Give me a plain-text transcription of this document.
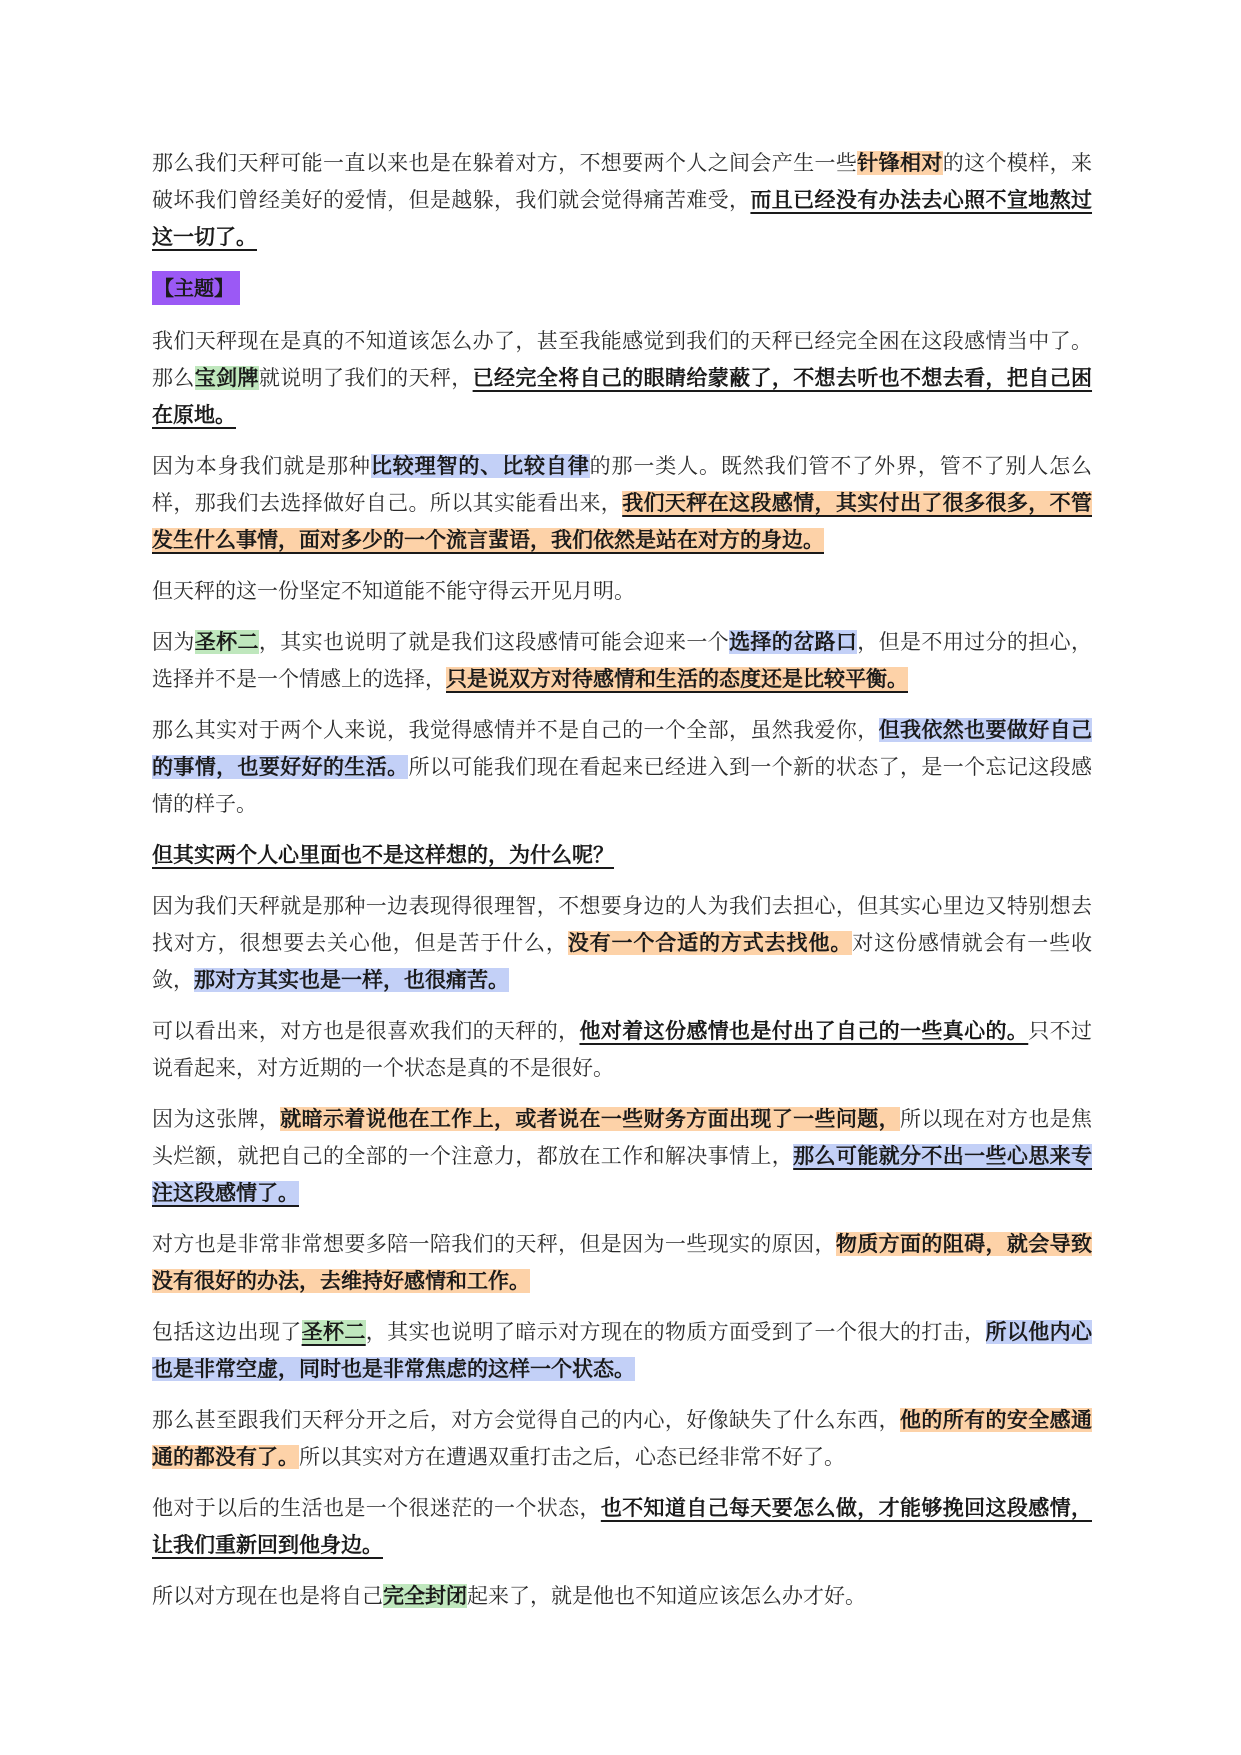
那么我们天秤可能一直以来也是在躲着对方，不想要两个人之间会产生一些针锋相对的这个模样，来破坏我们曾经美好的爱情，但是越躲，我们就会觉得痛苦难受，而且已经没有办法去心照不宣地熬过这一切了。

【主题】

我们天秤现在是真的不知道该怎么办了，甚至我能感觉到我们的天秤已经完全困在这段感情当中了。那么宝剑牌就说明了我们的天秤，已经完全将自己的眼睛给蒙蔽了，不想去听也不想去看，把自己困在原地。

因为本身我们就是那种比较理智的、比较自律的那一类人。既然我们管不了外界，管不了别人怎么样，那我们去选择做好自己。所以其实能看出来，我们天秤在这段感情，其实付出了很多很多，不管发生什么事情，面对多少的一个流言蜚语，我们依然是站在对方的身边。

但天秤的这一份坚定不知道能不能守得云开见月明。

因为圣杯二，其实也说明了就是我们这段感情可能会迎来一个选择的岔路口，但是不用过分的担心，选择并不是一个情感上的选择，只是说双方对待感情和生活的态度还是比较平衡。

那么其实对于两个人来说，我觉得感情并不是自己的一个全部，虽然我爱你，但我依然也要做好自己的事情，也要好好的生活。所以可能我们现在看起来已经进入到一个新的状态了，是一个忘记这段感情的样子。

但其实两个人心里面也不是这样想的，为什么呢？

因为我们天秤就是那种一边表现得很理智，不想要身边的人为我们去担心，但其实心里边又特别想去找对方，很想要去关心他，但是苦于什么，没有一个合适的方式去找他。对这份感情就会有一些收敛，那对方其实也是一样，也很痛苦。

可以看出来，对方也是很喜欢我们的天秤的，他对着这份感情也是付出了自己的一些真心的。只不过说看起来，对方近期的一个状态是真的不是很好。

因为这张牌，就暗示着说他在工作上，或者说在一些财务方面出现了一些问题，所以现在对方也是焦头烂额，就把自己的全部的一个注意力，都放在工作和解决事情上，那么可能就分不出一些心思来专注这段感情了。

对方也是非常非常想要多陪一陪我们的天秤，但是因为一些现实的原因，物质方面的阻碍，就会导致没有很好的办法，去维持好感情和工作。

包括这边出现了圣杯二，其实也说明了暗示对方现在的物质方面受到了一个很大的打击，所以他内心也是非常空虚，同时也是非常焦虑的这样一个状态。

那么甚至跟我们天秤分开之后，对方会觉得自己的内心，好像缺失了什么东西，他的所有的安全感通通的都没有了。所以其实对方在遭遇双重打击之后，心态已经非常不好了。

他对于以后的生活也是一个很迷茫的一个状态，也不知道自己每天要怎么做，才能够挽回这段感情，让我们重新回到他身边。

所以对方现在也是将自己完全封闭起来了，就是他也不知道应该怎么办才好。
